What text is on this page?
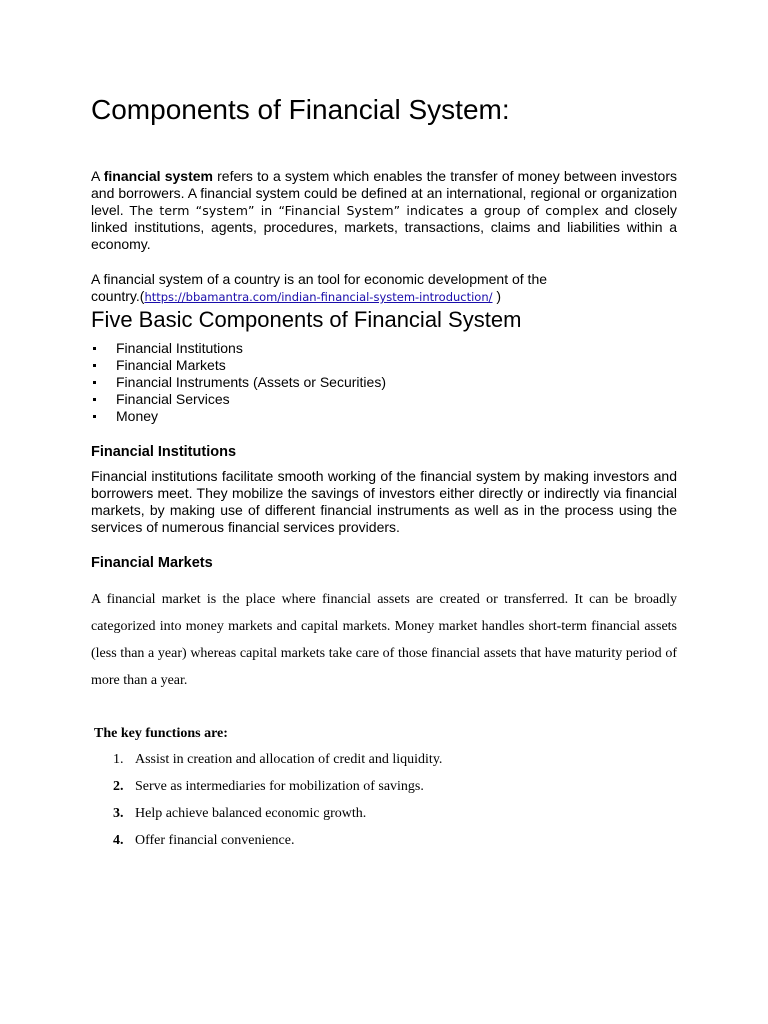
Components of Financial System:

A financial system refers to a system which enables the transfer of money between investors and borrowers. A financial system could be defined at an international, regional or organization level. The term “system” in “Financial System” indicates a group of complex and closely linked institutions, agents, procedures, markets, transactions, claims and liabilities within a economy.

A financial system of a country is an tool for economic development of the country.(https://bbamantra.com/indian-financial-system-introduction/ )

Five Basic Components of Financial System
Financial Institutions
Financial Markets
Financial Instruments (Assets or Securities)
Financial Services
Money
Financial Institutions

Financial institutions facilitate smooth working of the financial system by making investors and borrowers meet. They mobilize the savings of investors either directly or indirectly via financial markets, by making use of different financial instruments as well as in the process using the services of numerous financial services providers.

Financial Markets

A financial market is the place where financial assets are created or transferred. It can be broadly categorized into money markets and capital markets. Money market handles short-term financial assets (less than a year) whereas capital markets take care of those financial assets that have maturity period of more than a year.

The key functions are:

1. Assist in creation and allocation of credit and liquidity.
2. Serve as intermediaries for mobilization of savings.
3. Help achieve balanced economic growth.
4. Offer financial convenience.
